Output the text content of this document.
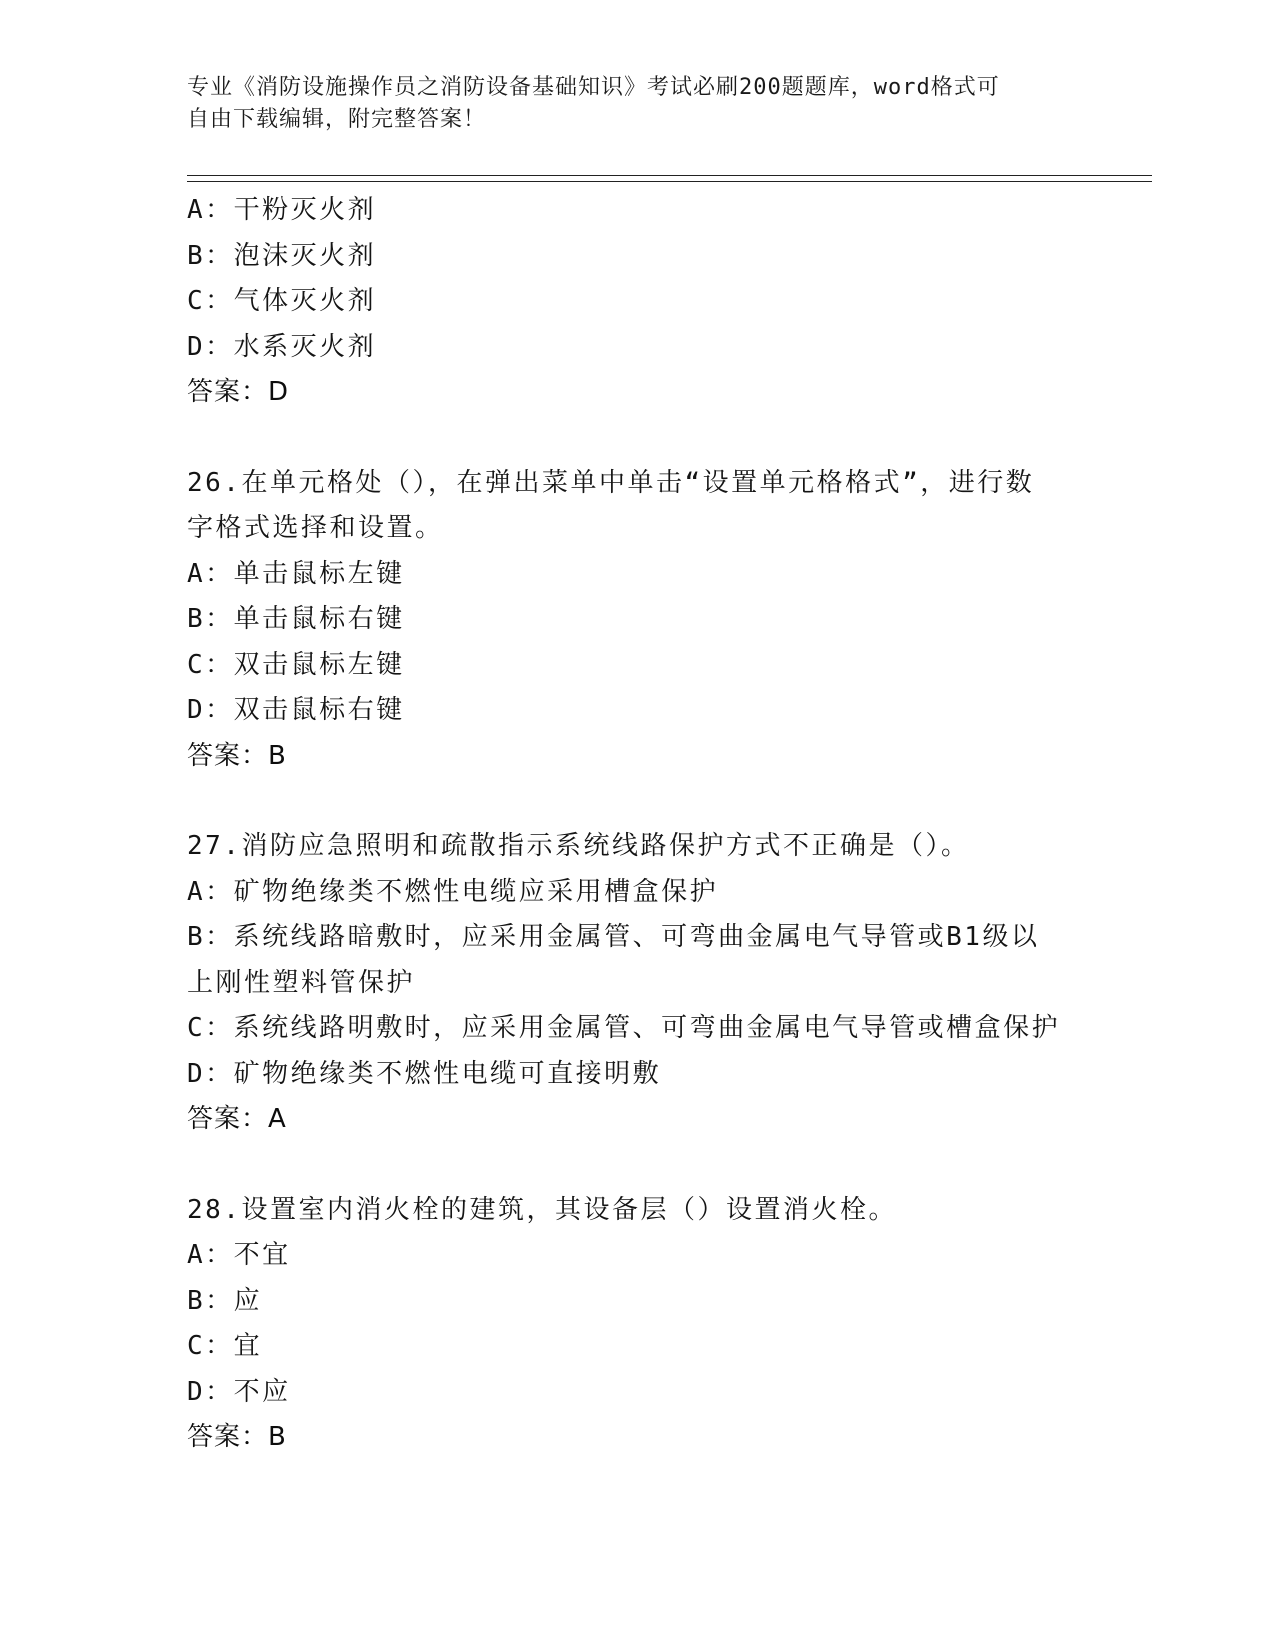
专业《消防设施操作员之消防设备基础知识》考试必刷200题题库，word格式可
自由下载编辑，附完整答案！
A：干粉灭火剂
B：泡沫灭火剂
C：气体灭火剂
D：水系灭火剂
答案：D
26.在单元格处（），在弹出菜单中单击“设置单元格格式”，进行数
字格式选择和设置。
A：单击鼠标左键
B：单击鼠标右键
C：双击鼠标左键
D：双击鼠标右键
答案：B
27.消防应急照明和疏散指示系统线路保护方式不正确是（）。
A：矿物绝缘类不燃性电缆应采用槽盒保护
B：系统线路暗敷时，应采用金属管、可弯曲金属电气导管或B1级以
上刚性塑料管保护
C：系统线路明敷时，应采用金属管、可弯曲金属电气导管或槽盒保护
D：矿物绝缘类不燃性电缆可直接明敷
答案：A
28.设置室内消火栓的建筑，其设备层（）设置消火栓。
A：不宜
B：应
C：宜
D：不应
答案：B
